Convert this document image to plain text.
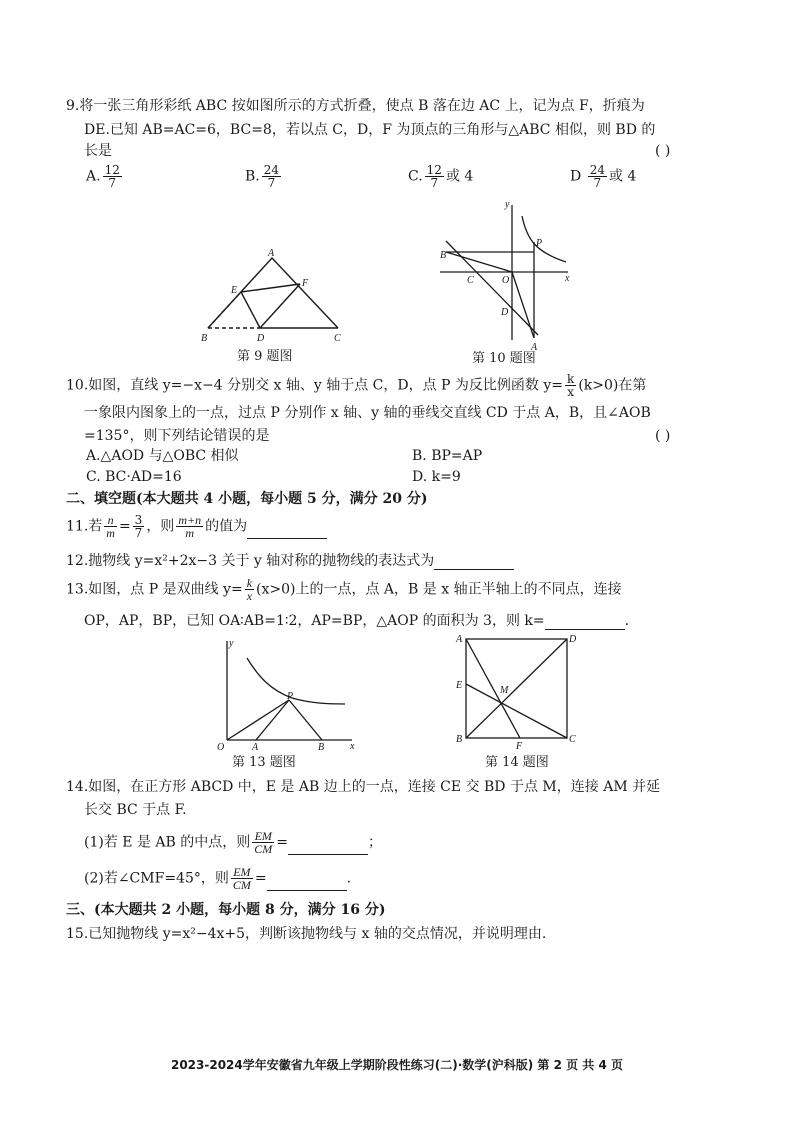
9.将一张三角形彩纸 ABC 按如图所示的方式折叠，使点 B 落在边 AC 上，记为点 F，折痕为
DE.已知 AB=AC=6，BC=8，若以点 C，D，F 为顶点的三角形与△ABC 相似，则 BD 的
长是	( )
A. $\frac{12}{7}$	B. $\frac{24}{7}$	C. $\frac{12}{7}$ 或 4	D $\frac{24}{7}$ 或 4
A
E
F
B	D	C
第 9 题图
y
x
P
B
C	O
D
A
第 10 题图
10.如图，直线 y=−x−4 分别交 x 轴、y 轴于点 C，D，点 P 为反比例函数 $y= \frac{k}{x} (k>0)$在第
一象限内图象上的一点，过点 P 分别作 x 轴、y 轴的垂线交直线 CD 于点 A，B，且∠AOB
=135°，则下列结论错误的是	( )
A.△AOD 与△OBC 相似	B. BP=AP
C. BC·AD=16	D. k=9
二、填空题(本大题共 4 小题，每小题 5 分，满分 20 分)
11.若 $\frac{n}{m} = \frac{3}{7}$ ，则 $\frac{m+n}{m}$ 的值为
12.抛物线 y=x²+2x−3 关于 y 轴对称的抛物线的表达式为
13.如图，点 P 是双曲线 $y= \frac{k}{x} (x>0)$上的一点，点 A，B 是 x 轴正半轴上的不同点，连接
OP，AP，BP，已知 OA∶AB=1∶2，AP=BP，△AOP 的面积为 3，则 k=	.
y
x
O	A	B
P
第 13 题图
A	D
E	M
B
F
C
第 14 题图
14.如图，在正方形 ABCD 中，E 是 AB 边上的一点，连接 CE 交 BD 于点 M，连接 AM 并延
长交 BC 于点 F.
(1)若 E 是 AB 的中点，则 $\frac{EM}{CM}$ =	；
(2)若∠CMF=45°，则 $\frac{EM}{CM}$ =	.
三、(本大题共 2 小题，每小题 8 分，满分 16 分)
15.已知抛物线 y=x²−4x+5，判断该抛物线与 x 轴的交点情况，并说明理由.
2023-2024学年安徽省九年级上学期阶段性练习(二)·数学(沪科版) 第 2 页 共 4 页
